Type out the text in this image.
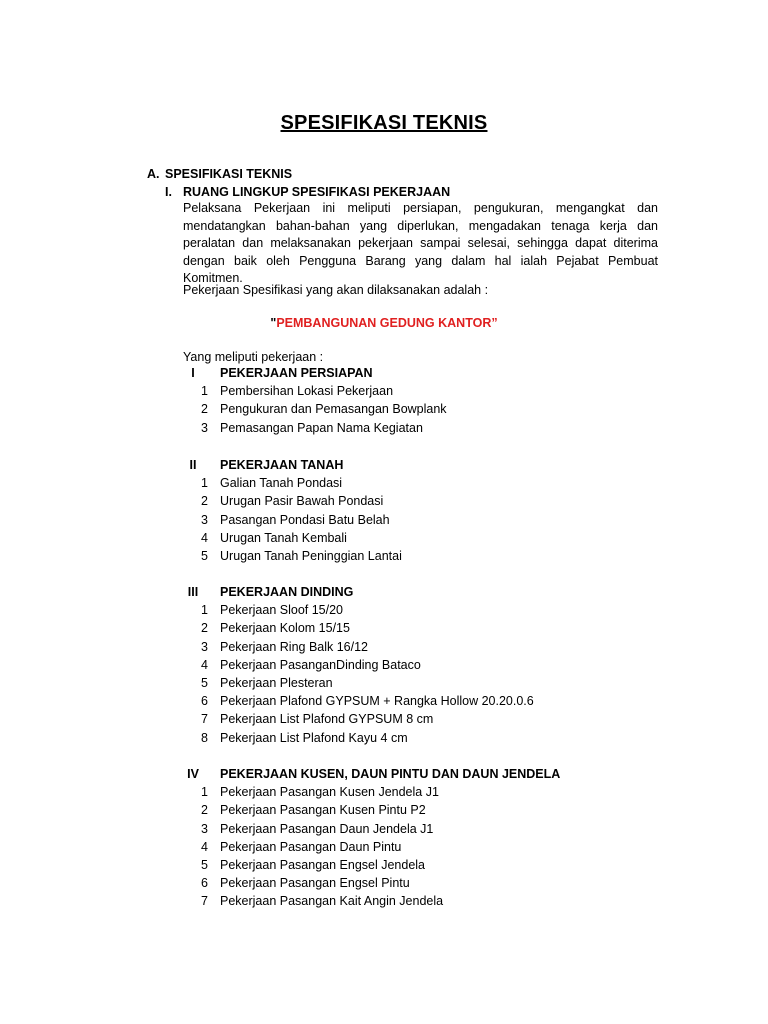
SPESIFIKASI TEKNIS
A. SPESIFIKASI TEKNIS
I. RUANG LINGKUP SPESIFIKASI PEKERJAAN
Pelaksana Pekerjaan ini meliputi persiapan, pengukuran, mengangkat dan mendatangkan bahan-bahan yang diperlukan, mengadakan tenaga kerja dan peralatan dan melaksanakan pekerjaan sampai selesai, sehingga dapat diterima dengan baik oleh Pengguna Barang yang dalam hal ialah Pejabat Pembuat Komitmen.
Pekerjaan Spesifikasi yang akan dilaksanakan adalah :
"PEMBANGUNAN GEDUNG KANTOR”
Yang meliputi pekerjaan :
I	PEKERJAAN PERSIAPAN
1 Pembersihan Lokasi Pekerjaan
2 Pengukuran dan Pemasangan Bowplank
3 Pemasangan Papan Nama Kegiatan
II	PEKERJAAN TANAH
1 Galian Tanah Pondasi
2 Urugan Pasir Bawah Pondasi
3 Pasangan Pondasi Batu Belah
4 Urugan Tanah Kembali
5 Urugan Tanah Peninggian Lantai
III	PEKERJAAN DINDING
1 Pekerjaan Sloof 15/20
2 Pekerjaan Kolom 15/15
3 Pekerjaan Ring Balk 16/12
4 Pekerjaan PasanganDinding Bataco
5 Pekerjaan Plesteran
6 Pekerjaan Plafond GYPSUM + Rangka Hollow 20.20.0.6
7 Pekerjaan List Plafond GYPSUM 8 cm
8 Pekerjaan List Plafond Kayu 4 cm
IV	PEKERJAAN KUSEN, DAUN PINTU DAN DAUN JENDELA
1 Pekerjaan Pasangan Kusen Jendela J1
2 Pekerjaan Pasangan Kusen Pintu P2
3 Pekerjaan Pasangan Daun Jendela J1
4 Pekerjaan Pasangan Daun Pintu
5 Pekerjaan Pasangan Engsel Jendela
6 Pekerjaan Pasangan Engsel Pintu
7 Pekerjaan Pasangan Kait Angin Jendela
